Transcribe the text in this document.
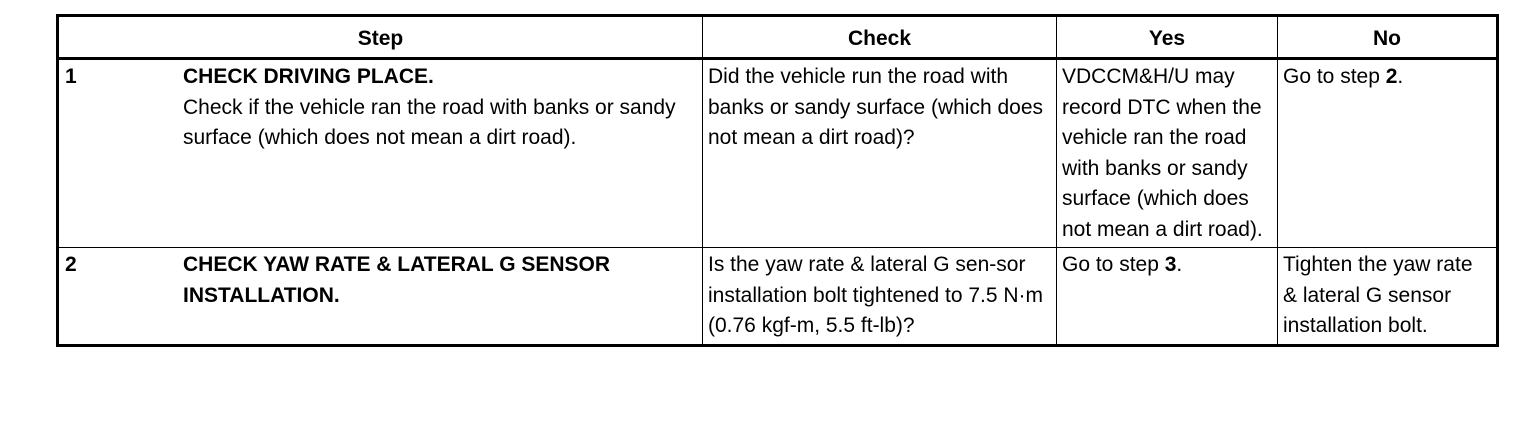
Step	Check	Yes	No

1 CHECK DRIVING PLACE.
Check if the vehicle ran the road with banks or sandy surface (which does not mean a dirt road).	Did the vehicle run the road with banks or sandy surface (which does not mean a dirt road)?	VDCCM&H/U may record DTC when the vehicle ran the road with banks or sandy surface (which does not mean a dirt road).	Go to step 2.

2 CHECK YAW RATE & LATERAL G SENSOR INSTALLATION.	Is the yaw rate & lateral G sen-sor installation bolt tightened to 7.5 N·m (0.76 kgf-m, 5.5 ft-lb)?	Go to step 3.	Tighten the yaw rate & lateral G sensor installation bolt.
